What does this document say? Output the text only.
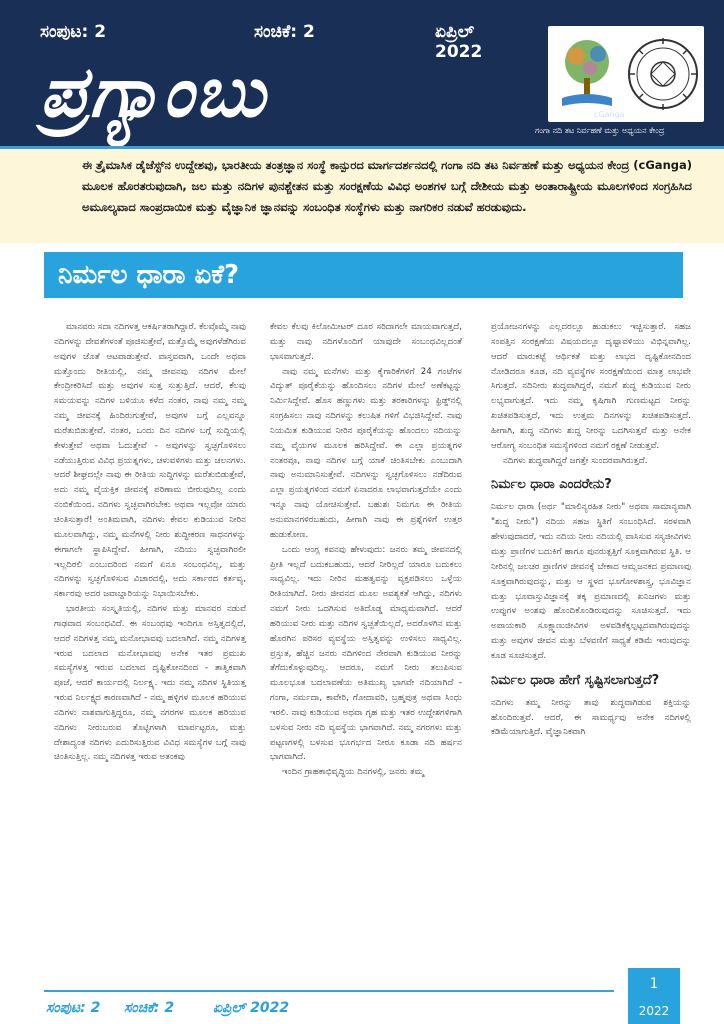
ಸಂಪುಟ: 2	ಸಂಚಿಕೆ: 2	ಏಪ್ರಿಲ್ 2022
ಪ್ರಗ್ಯಾಂಬು	cGanga
ಗಂಗಾ ನದಿ ತಟ ನಿರ್ವಹಣೆ ಮತ್ತು ಅಧ್ಯಯನ ಕೇಂದ್ರ

ಈ ತ್ರೈಮಾಸಿಕ ಡೈಜೆಸ್ಟ್‌ನ ಉದ್ದೇಶವು, ಭಾರತೀಯ ತಂತ್ರಜ್ಞಾನ ಸಂಸ್ಥೆ ಕಾನ್ಪುರದ ಮಾರ್ಗದರ್ಶನದಲ್ಲಿ ಗಂಗಾ ನದಿ ತಟ ನಿರ್ವಹಣೆ ಮತ್ತು ಅಧ್ಯಯನ ಕೇಂದ್ರ (cGanga) ಮೂಲಕ ಹೊರತರುವುದಾಗಿ, ಜಲ ಮತ್ತು ನದಿಗಳ ಪುನಶ್ಚೇತನ ಮತ್ತು ಸಂರಕ್ಷಣೆಯ ವಿವಿಧ ಅಂಶಗಳ ಬಗ್ಗೆ ದೇಶೀಯ ಮತ್ತು ಅಂತಾರಾಷ್ಟ್ರೀಯ ಮೂಲಗಳಿಂದ ಸಂಗ್ರಹಿಸಿದ ಅಮೂಲ್ಯವಾದ ಸಾಂಪ್ರದಾಯಿಕ ಮತ್ತು ವೈಜ್ಞಾನಿಕ ಜ್ಞಾನವನ್ನು ಸಂಬಂಧಿತ ಸಂಸ್ಥೆಗಳು ಮತ್ತು ನಾಗರಿಕರ ನಡುವೆ ಹರಡುವುದು.

ನಿರ್ಮಲ ಧಾರಾ ಏಕೆ?

ಮಾನವರು ಸದಾ ನದಿಗಳತ್ತ ಆಕರ್ಷಿತರಾಗಿದ್ದಾರೆ. ಕೆಲವೊಮ್ಮೆ ನಾವು ನದಿಗಳನ್ನು ದೇವತೆಗಳಂತೆ ಪೂಜಿಸುತ್ತೇವೆ, ಮತ್ತೊಮ್ಮೆ ಅವುಗಳೆಡೆಗಿರುವ ಅವುಗಳ ಜೊತೆ ಆಟವಾಡುತ್ತೇವೆ. ವಾಸ್ತವವಾಗಿ, ಒಂದೇ ಅಥವಾ ಮತ್ತೊಂದು ರೀತಿಯಲ್ಲಿ, ನಮ್ಮ ಜೀವನವು ನದಿಗಳ ಮೇಲೆ ಕೇಂದ್ರೀಕರಿಸಿದೆ ಮತ್ತು ಅವುಗಳ ಸುತ್ತ ಸುತ್ತುತ್ತಿದೆ. ಆದರೆ, ಕೆಲವು ಸಮಯವನ್ನು ನದಿಗಳ ಬಳಿಯೂ ಕಳೆದ ನಂತರ, ನಾವು ನಮ್ಮ ನಮ್ಮ ನಮ್ಮ ಜೀವನಕ್ಕೆ ಹಿಂದಿರುಗುತ್ತೇವೆ, ಅವುಗಳ ಬಗ್ಗೆ ಎಲ್ಲವನ್ನೂ ಮರೆತುಬಿಡುತ್ತೇವೆ. ನಂತರ, ಒಂದು ದಿನ ನದಿಗಳ ಬಗ್ಗೆ ಸುದ್ದಿಯಲ್ಲಿ ಕೇಳುತ್ತೇವೆ ಅಥವಾ ಓದುತ್ತೇವೆ - ಅವುಗಳನ್ನು ಸ್ವಚ್ಛಗೊಳಿಸಲು ನಡೆಯುತ್ತಿರುವ ವಿವಿಧ ಪ್ರಯತ್ನಗಳು, ಚಳುವಳಿಗಳು ಮತ್ತು ಚಲನಗಳು. ಆದರೆ ಶೀಘ್ರದಲ್ಲೇ ನಾವು ಈ ರೀತಿಯ ಸುದ್ದಿಗಳನ್ನು ಮರೆತುಬಿಡುತ್ತೇವೆ, ಅದು ನಮ್ಮ ವೈಯಕ್ತಿಕ ಜೀವನಕ್ಕೆ ಪರಿಣಾಮ ಬೀರುವುದಿಲ್ಲ ಎಂದು ನಂಬಿಕೆಯಿಂದ. ನದಿಗಳು ಸ್ವಚ್ಛವಾಗಿರಬೇಕು ಅಥವಾ ಇಲ್ಲವೋ ಯಾರು ಚಿಂತಿಸುತ್ತಾರೆ! ಅಂತಿಮವಾಗಿ, ನದಿಗಳು ಕೇವಲ ಕುಡಿಯುವ ನೀರಿನ ಮೂಲವಾಗಿದ್ದು, ನಮ್ಮ ಮನೆಗಳಲ್ಲಿ ನೀರು ಶುದ್ಧೀಕರಣ ಸಾಧನಗಳನ್ನು ಈಗಾಗಲೇ ಸ್ಥಾಪಿಸಿದ್ದೇವೆ. ಹೀಗಾಗಿ, ನದಿಯು ಸ್ವಚ್ಛವಾಗಿರಲೀ ಇಲ್ಲದಿರಲಿ ಎಂಬುದರಿಂದ ನಮಗೆ ಏನೂ ಸಂಬಂಧವಿಲ್ಲ, ಮತ್ತು ನದಿಗಳನ್ನು ಸ್ವಚ್ಛಗೊಳಿಸುವ ವಿಚಾರದಲ್ಲಿ, ಅದು ಸರ್ಕಾರದ ಕರ್ತವ್ಯ, ಸರ್ಕಾರವು ಅದರ ಜವಾಬ್ದಾರಿಯನ್ನು ನಿಭಾಯಿಸಬೇಕು.

ಭಾರತೀಯ ಸಂಸ್ಕೃತಿಯಲ್ಲಿ, ನದಿಗಳ ಮತ್ತು ಮಾನವರ ನಡುವೆ ಗಾಢವಾದ ಸಂಬಂಧವಿದೆ. ಈ ಸಂಬಂಧವು ಇಂದಿಗೂ ಅಸ್ತಿತ್ವದಲ್ಲಿದೆ, ಆದರೆ ನದಿಗಳತ್ತ ನಮ್ಮ ಮನೋಭಾವವು ಬದಲಾಗಿದೆ. ನಮ್ಮ ನದಿಗಳತ್ತ ಇರುವ ಬದಲಾದ ಮನೋಭಾವವು ಅನೇಕ ಇತರ ಪ್ರಮುಖ ಸಮಸ್ಯೆಗಳತ್ತ ಇರುವ ಬದಲಾದ ದೃಷ್ಟಿಕೋನದಿಂದ - ತಾತ್ವಿಕವಾಗಿ ಪೂಜೆ, ಆದರೆ ಕಾರ್ಯದಲ್ಲಿ ನಿರ್ಲಕ್ಷ್ಯ. ಇದು ನಮ್ಮ ನದಿಗಳ ಸ್ಥಿತಿಯತ್ತ ಇರುವ ನಿರ್ಲಕ್ಷ್ಯದ ಕಾರಣವಾಗಿದೆ - ನಮ್ಮ ಹಳ್ಳಿಗಳ ಮೂಲಕ ಹರಿಯುವ ನದಿಗಳು ನಾಶವಾಗುತ್ತಿದ್ದರೂ, ನಮ್ಮ ನಗರಗಳ ಮೂಲಕ ಹರಿಯುವ ನದಿಗಳು ನೀರುಬರುವ ತೊಟ್ಟಿಗಳಾಗಿ ಮಾರ್ಪಟ್ಟರೂ, ಮತ್ತು ದೇಶಾದ್ಯಂತ ನದಿಗಳು ಎದುರಿಸುತ್ತಿರುವ ವಿವಿಧ ಸಮಸ್ಯೆಗಳ ಬಗ್ಗೆ ನಾವು ಚಿಂತಿಸುತ್ತಿಲ್ಲ. ನಮ್ಮ ನದಿಗಳತ್ತ ಇರುವ ಅತಂಕವು

ಕೇವಲ ಕೆಲವು ಕಿಲೋಮೀಟರ್ ದೂರ ಸರಿದಾಗಲೇ ಮಾಯವಾಗುತ್ತದೆ, ಮತ್ತು ನಾವು ನದಿಗಳೊಂದಿಗೆ ಯಾವುದೇ ಸಂಬಂಧವಿಲ್ಲದಂತೆ ಭಾಸವಾಗುತ್ತದೆ.

ನಾವು ನಮ್ಮ ಮನೆಗಳು ಮತ್ತು ಕೈಗಾರಿಕೆಗಳಿಗೆ 24 ಗಂಟೆಗಳ ವಿದ್ಯುತ್ ಪೂರೈಕೆಯನ್ನು ಹೊಂದಿಸಲು ನದಿಗಳ ಮೇಲೆ ಅಣೆಕಟ್ಟನ್ನು ನಿರ್ಮಿಸಿದ್ದೇವೆ. ಹೊಸ ಹಣ್ಣುಗಳು ಮತ್ತು ತರಕಾರಿಗಳನ್ನು ಫ್ರಿಡ್ಜ್‌ನಲ್ಲಿ ಸಂಗ್ರಹಿಸಲು ನಾವು ನದಿಗಳನ್ನು ಕಲುಷಿತ ಗಳಿಗೆ ವಿಭಜಿಸಿದ್ದೇವೆ. ನಾವು ನಿಯಮಿತ ಕುಡಿಯುವ ನೀರಿನ ಪೂರೈಕೆಯನ್ನು ಹೊಂದಲು ನದಿಯನ್ನು ನಮ್ಮ ವೈಯಗಳ ಮೂಲಕ ಹರಿಸಿದ್ದೇವೆ. ಈ ಎಲ್ಲಾ ಪ್ರಯತ್ನಗಳ ನಂತರವೂ, ನಾವು ನದಿಗಳ ಬಗ್ಗೆ ಯಾಕೆ ಚಿಂತಿಸಬೇಕು ಎಂಬುದಾಗಿ ನಾವು ಅನುಮಾನಿಸುತ್ತೇವೆ. ನದಿಗಳನ್ನು ಸ್ವಚ್ಛಗೊಳಿಸಲು ನಡೆದಿರುವ ಎಲ್ಲಾ ಪ್ರಯತ್ನಗಳಿಂದ ನಮಗೆ ಏನಾದರೂ ಲಾಭವಾಗುತ್ತದೆಯೇ ಎಂದು ಇನ್ನೂ ನಾವು ಯೋಚಿಸುತ್ತೇವೆ. ಬಹುಶಃ ನಿಮಗೂ ಈ ರೀತಿಯ ಅನುಮಾನಗಳಿರಬಹುದು, ಹೀಗಾಗಿ ನಾವು ಈ ಪ್ರಶ್ನೆಗಳಿಗೆ ಉತ್ತರ ಹುಡುಕೋಣ.

ಒಂದು ಆಂಗ್ಲ ಕವನವು ಹೇಳುವುದು: ಜನರು ತಮ್ಮ ಜೀವನದಲ್ಲಿ ಪ್ರೀತಿ ಇಲ್ಲದೆ ಬದುಕಬಹುದು, ಆದರೆ ನೀರಿಲ್ಲದೆ ಯಾರೂ ಬದುಕಲು ಸಾಧ್ಯವಿಲ್ಲ. ಇದು ನೀರಿನ ಮಹತ್ವವನ್ನು ವ್ಯಕ್ತಪಡಿಸಲು ಒಳ್ಳೆಯ ರೀತಿಯಾಗಿದೆ. ನೀರು ಜೀವನದ ಮೂಲ ಅವಶ್ಯಕತೆ ಆಗಿದ್ದು, ನದಿಗಳು ನಮಗೆ ನೀರು ಒದಗಿಸುವ ಅತಿದೊಡ್ಡ ಮಾಧ್ಯಮವಾಗಿದೆ. ಆದರೆ ಹರಿಯುವ ನೀರು ಮತ್ತು ನದಿಗಳ ಸ್ವಚ್ಛತೆಯಿಲ್ಲದೆ, ಅದರೊಳಗಿನ ಮತ್ತು ಹೊರಗಿನ ಪರಿಸರ ವ್ಯವಸ್ಥೆಯ ಅಸ್ತಿತ್ವವನ್ನು ಉಳಿಸಲು ಸಾಧ್ಯವಿಲ್ಲ. ಪ್ರಸ್ತುತ, ಹೆಚ್ಚಿನ ಜನರು ನದಿಗಳಿಂದ ನೇರವಾಗಿ ಕುಡಿಯುವ ನೀರನ್ನು ತೆಗೆದುಕೊಳ್ಳುವುದಿಲ್ಲ. ಆದರೂ, ನಮಗೆ ನೀರು ತಲುಪಿಸುವ ಮೂಲಭೂತ ಬದಲಾವಣೆಯ ಅತಿಮುಖ್ಯ ಭಾಗವೇ ನದಿಯಾಗಿದೆ - ಗಂಗಾ, ನರ್ಮದಾ, ಕಾವೇರಿ, ಗೋದಾವರಿ, ಬ್ರಹ್ಮಪುತ್ರ ಅಥವಾ ಸಿಂಧು ಇರಲಿ. ನಾವು ಕುಡಿಯುವ ಅಥವಾ ಗೃಹ ಮತ್ತು ಇತರ ಉದ್ದೇಶಗಳಿಗಾಗಿ ಬಳಸುವ ನೀರು ನದಿ ವ್ಯವಸ್ಥೆಯ ಭಾಗವಾಗಿದೆ. ನಮ್ಮ ನಗರಗಳು ಮತ್ತು ಪಟ್ಟಣಗಳಲ್ಲಿ ಬಳಸುವ ಭೂಗರ್ಭದ ನೀರೂ ಕೂಡಾ ನದಿ ಹರ್ಷನ ಭಾಗವಾಗಿದೆ.

ಇಂದಿನ ಗ್ರಾಹಕಾಭಿವೃದ್ಧಿಯ ದಿನಗಳಲ್ಲಿ, ಜನರು ತಮ್ಮ

ಪ್ರಯೋಜನಗಳನ್ನು ಎಲ್ಲದರಲ್ಲೂ ಹುಡುಕಲು ಇಚ್ಚಿಸುತ್ತಾರೆ. ಸಹಜ ಸಂಪತ್ತಿನ ಸಂರಕ್ಷಣೆಯ ವಿಷಯದಲ್ಲೂ ದೃಷ್ಟಾವಳಿಯು ವಿಭಿನ್ನವಾಗಿಲ್ಲ. ಆದರೆ ಮಾರುಕಟ್ಟೆ ಆರ್ಥಿಕತೆ ಮತ್ತು ಲಾಭದ ದೃಷ್ಟಿಕೋನದಿಂದ ನೋಡಿದರೂ ಕೂಡ, ನದಿ ವ್ಯವಸ್ಥೆಗಳ ಸಂರಕ್ಷಣೆಯಿಂದ ಮಾತ್ರ ಲಾಭವೇ ಸಿಗುತ್ತದೆ. ನದಿನೀರು ಶುದ್ಧವಾಗಿದ್ದರೆ, ನಮಗೆ ಶುದ್ಧ ಕುಡಿಯುವ ನೀರು ಲಭ್ಯವಾಗುತ್ತದೆ. ಇದು ನಮ್ಮ ಕೃಷಿಗಾಗಿ ಗುಣಮಟ್ಟದ ನೀರನ್ನು ಖಚಿತಪಡಿಸುತ್ತದೆ, ಇದು ಉತ್ತಮ ದಿನಗಳನ್ನು ಖಚಿತಪಡಿಸುತ್ತದೆ. ಹೀಗಾಗಿ, ಶುದ್ಧ ನದಿಗಳು ಶುದ್ಧ ನೀರನ್ನು ಒದಗಿಸುತ್ತವೆ ಮತ್ತು ಅನೇಕ ಆರೋಗ್ಯ ಸಂಬಂಧಿತ ಸಮಸ್ಯೆಗಳಿಂದ ನಮಗೆ ರಕ್ಷಣೆ ನೀಡುತ್ತವೆ.

ನದಿಗಳು ಶುದ್ಧವಾಗಿದ್ದರೆ ಜಗತ್ತೇ ಸುಂದರವಾಗಿರುತ್ತದೆ.

ನಿರ್ಮಲ ಧಾರಾ ಎಂದರೇನು?

ನಿರ್ಮಲ ಧಾರಾ (ಅರ್ಥ "ಮಾಲಿನ್ಯರಹಿತ ನೀರು" ಅಥವಾ ಸಾಮಾನ್ಯವಾಗಿ "ಶುದ್ಧ ನೀರು") ನದಿಯ ಸಹಜ ಸ್ಥಿತಿಗೆ ಸಂಬಂಧಿಸಿದೆ. ಸರಳವಾಗಿ ಹೇಳುವುದಾದರೆ, ಇದು ನದಿಯ ನೀರು ನದಿಯಲ್ಲಿ ವಾಸಿಸುವ ಸಸ್ಯಜೀವಿಗಳು ಮತ್ತು ಪ್ರಾಣಿಗಳ ಬದುಕಿಗೆ ಹಾಗೂ ಪುನರುತ್ಪತ್ತಿಗೆ ಸೂಕ್ತವಾಗಿರುವ ಸ್ಥಿತಿ. ಆ ನೀರಿನಲ್ಲಿ ಜಲಚರ ಪ್ರಾಣಿಗಳ ಜೀವನಕ್ಕೆ ಬೇಕಾದ ಆಮ್ಲಜನಕದ ಪ್ರಮಾಣವು ಸೂಕ್ತವಾಗಿರುವುದನ್ನು, ಮತ್ತು ಆ ಸ್ಥಳದ ಭೂಗೋಳಶಾಸ್ತ್ರ, ಭೂವಿಜ್ಞಾನ ಮತ್ತು ಭೂವಾಸ್ತುವಿಜ್ಞಾನಕ್ಕೆ ತಕ್ಕ ಪ್ರಮಾಣದಲ್ಲಿ ಖನಿಜಗಳು ಮತ್ತು ಉಪ್ಪುಗಳ ಅಂಶವು ಹೊಂದಿಕೊಂಡಿರುವುದನ್ನು ಸೂಚಿಸುತ್ತದೆ. ಇದು ಅಪಾಯಕಾರಿ ಸೂಕ್ಷ್ಮಾಣುಜೀವಿಗಳ ಅಳವಡಿಕೆಕ್ಕಲ್ಪಟ್ಟದವಾಗಿರುವುದನ್ನು ಮತ್ತು ಅವುಗಳ ಜೀವನ ಮತ್ತು ಬೆಳವಣಿಗೆ ಸಾಧ್ಯತೆ ಕಡಿಮೆ ಇರುವುದನ್ನು ಕೂಡ ಸೂಚಿಸುತ್ತದೆ.

ನಿರ್ಮಲ ಧಾರಾ ಹೇಗೆ ಸೃಷ್ಟಿಸಲಾಗುತ್ತದೆ?

ನದಿಗಳು ತಮ್ಮ ನೀರನ್ನು ತಾವು ಶುದ್ಧವಾಗಿಡುವ ಶಕ್ತಿಯನ್ನು ಹೊಂದಿರುತ್ತವೆ. ಆದರೆ, ಈ ಸಾಮರ್ಥ್ಯವು ಅನೇಕ ನದಿಗಳಲ್ಲಿ ಕಡಿಮೆಯಾಗುತ್ತಿದೆ. ವೈಜ್ಞಾನಿಕವಾಗಿ

ಸಂಪುಟ: 2 ಸಂಚಿಕೆ: 2	ಏಪ್ರಿಲ್ 2022
1
2022
